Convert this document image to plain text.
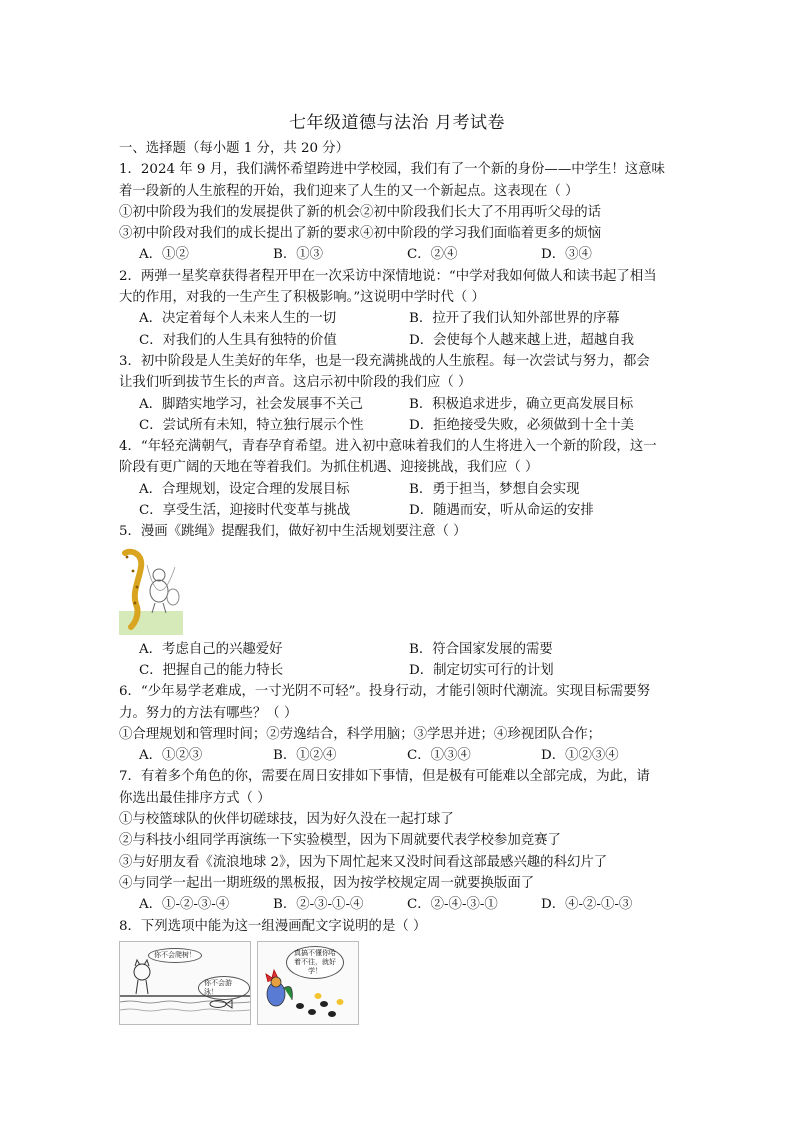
七年级道德与法治 月考试卷
一、选择题（每小题 1 分，共 20 分）
1．2024 年 9 月，我们满怀希望跨进中学校园，我们有了一个新的身份——中学生！这意味
着一段新的人生旅程的开始，我们迎来了人生的又一个新起点。这表现在（ ）
①初中阶段为我们的发展提供了新的机会②初中阶段我们长大了不用再听父母的话
③初中阶段对我们的成长提出了新的要求④初中阶段的学习我们面临着更多的烦恼
A．①②	B．①③	C．②④	D．③④
2．两弹一星奖章获得者程开甲在一次采访中深情地说：“中学对我如何做人和读书起了相当
大的作用，对我的一生产生了积极影响。”这说明中学时代（ ）
A．决定着每个人未来人生的一切	B．拉开了我们认知外部世界的序幕
C．对我们的人生具有独特的价值	D．会使每个人越来越上进，超越自我
3．初中阶段是人生美好的年华，也是一段充满挑战的人生旅程。每一次尝试与努力，都会
让我们听到拔节生长的声音。这启示初中阶段的我们应（ ）
A．脚踏实地学习，社会发展事不关己	B．积极追求进步，确立更高发展目标
C．尝试所有未知，特立独行展示个性	D．拒绝接受失败，必须做到十全十美
4．“年轻充满朝气，青春孕育希望。进入初中意味着我们的人生将进入一个新的阶段，这一
阶段有更广阔的天地在等着我们。为抓住机遇、迎接挑战，我们应（ ）
A．合理规划，设定合理的发展目标	B．勇于担当，梦想自会实现
C．享受生活，迎接时代变革与挑战	D．随遇而安，听从命运的安排
5．漫画《跳绳》提醒我们，做好初中生活规划要注意（ ）
A．考虑自己的兴趣爱好	B．符合国家发展的需要
C．把握自己的能力特长	D．制定切实可行的计划
6．“少年易学老难成，一寸光阴不可轻”。投身行动，才能引领时代潮流。实现目标需要努
力。努力的方法有哪些？（ ）
①合理规划和管理时间；②劳逸结合，科学用脑；③学思并进；④珍视团队合作；
A．①②③	B．①②④	C．①③④	D．①②③④
7．有着多个角色的你，需要在周日安排如下事情，但是极有可能难以全部完成，为此，请
你选出最佳排序方式（ ）
①与校篮球队的伙伴切磋球技，因为好久没在一起打球了
②与科技小组同学再演练一下实验模型，因为下周就要代表学校参加竞赛了
③与好朋友看《流浪地球 2》，因为下周忙起来又没时间看这部最感兴趣的科幻片了
④与同学一起出一期班级的黑板报，因为按学校规定周一就要换版面了
A．①-②-③-④	B．②-③-①-④	C．②-④-③-①	D．④-②-①-③
8．下列选项中能为这一组漫画配文字说明的是（ ）
你不会爬树！
你不会游泳！
真搞不懂你哈着不往，就好学！
